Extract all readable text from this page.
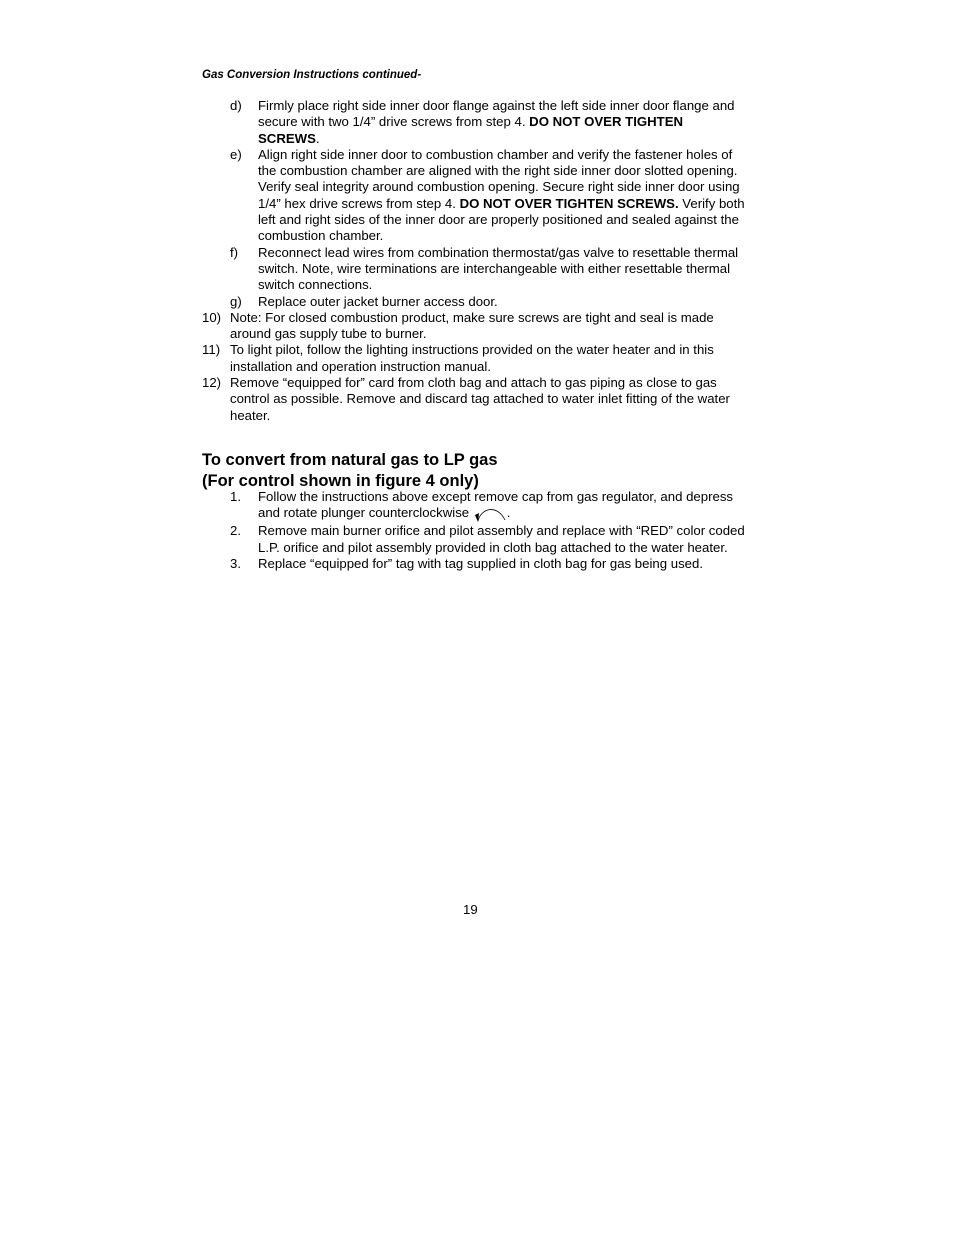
Gas Conversion Instructions continued-
d) Firmly place right side inner door flange against the left side inner door flange and secure with two 1/4” drive screws from step 4. DO NOT OVER TIGHTEN SCREWS.
e) Align right side inner door to combustion chamber and verify the fastener holes of the combustion chamber are aligned with the right side inner door slotted opening. Verify seal integrity around combustion opening. Secure right side inner door using 1/4” hex drive screws from step 4. DO NOT OVER TIGHTEN SCREWS. Verify both left and right sides of the inner door are properly positioned and sealed against the combustion chamber.
f) Reconnect lead wires from combination thermostat/gas valve to resettable thermal switch. Note, wire terminations are interchangeable with either resettable thermal switch connections.
g) Replace outer jacket burner access door.
10) Note: For closed combustion product, make sure screws are tight and seal is made around gas supply tube to burner.
11) To light pilot, follow the lighting instructions provided on the water heater and in this installation and operation instruction manual.
12) Remove “equipped for” card from cloth bag and attach to gas piping as close to gas control as possible. Remove and discard tag attached to water inlet fitting of the water heater.
To convert from natural gas to LP gas
(For control shown in figure 4 only)
1. Follow the instructions above except remove cap from gas regulator, and depress and rotate plunger counterclockwise	.
2. Remove main burner orifice and pilot assembly and replace with “RED” color coded L.P. orifice and pilot assembly provided in cloth bag attached to the water heater.
3. Replace “equipped for” tag with tag supplied in cloth bag for gas being used.
19
